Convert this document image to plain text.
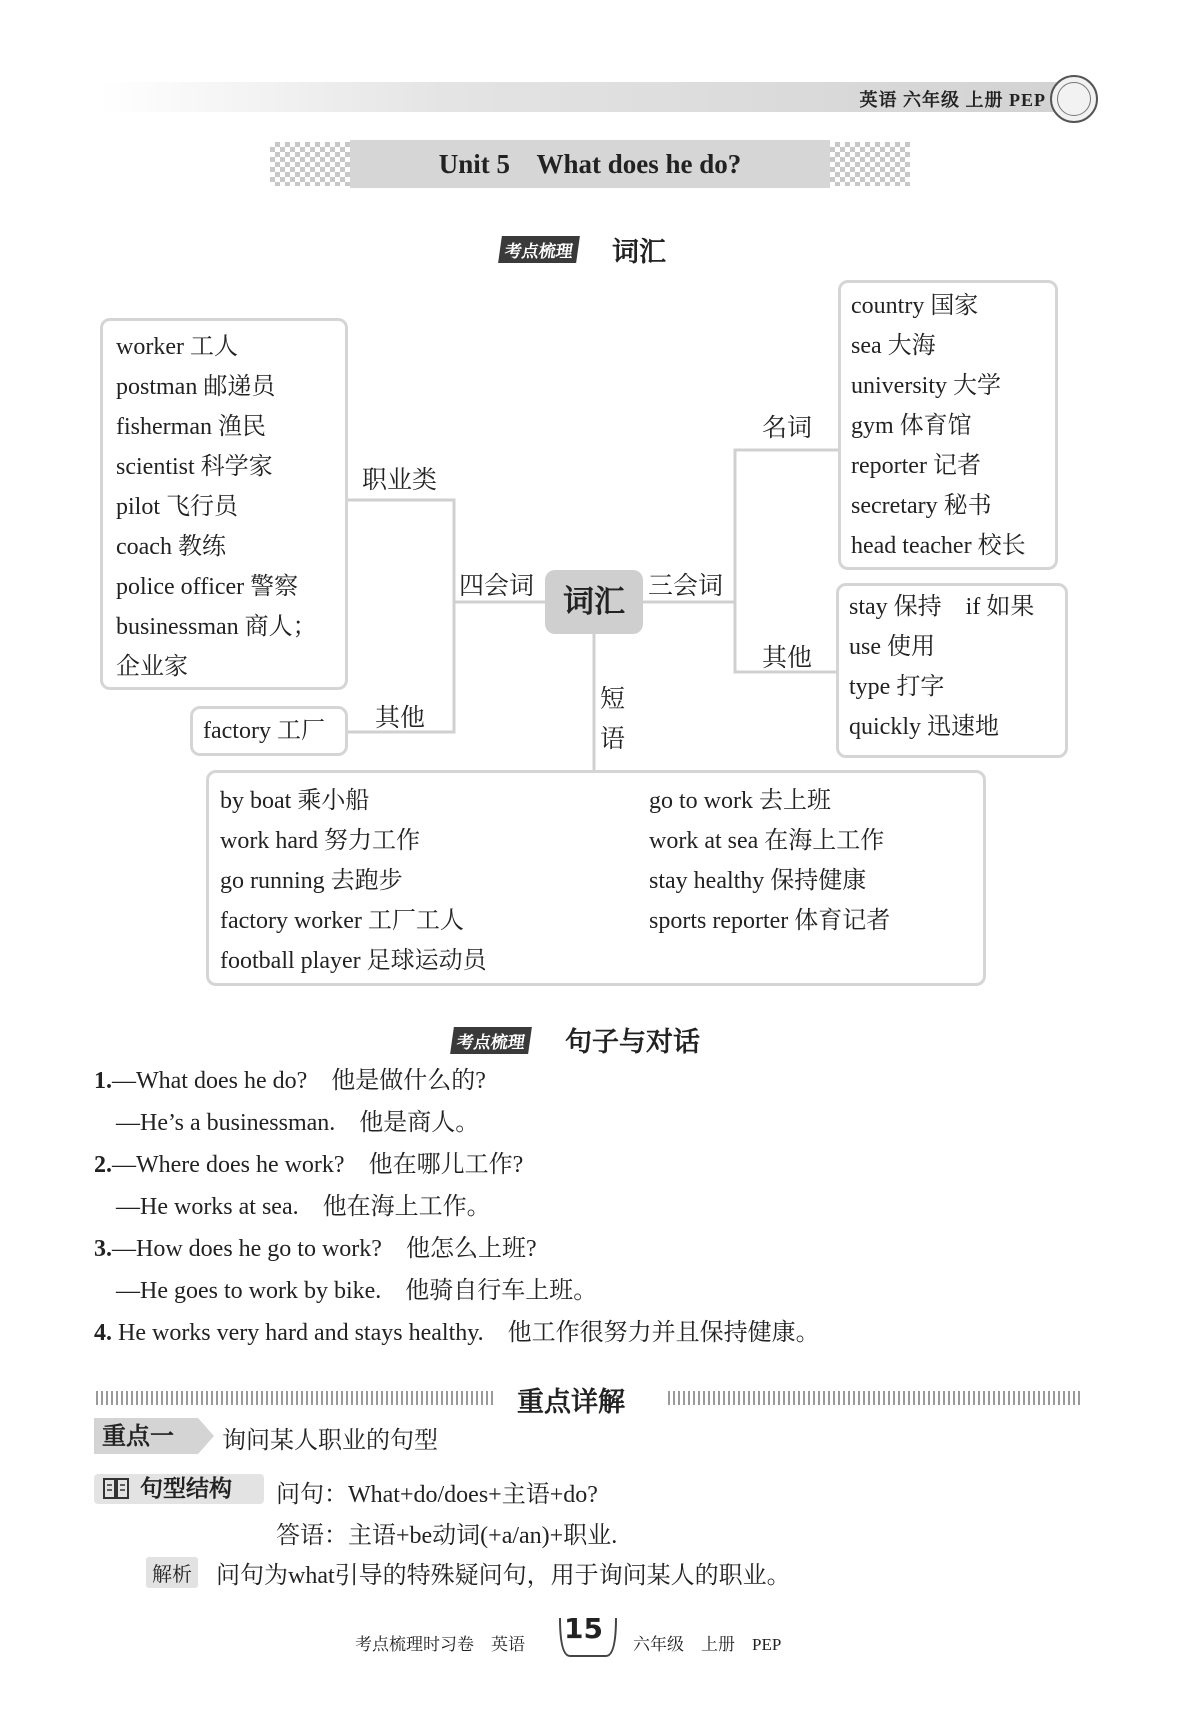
英语 六年级 上册 PEP
Unit 5    What does he do?
考点梳理 词汇
词汇
四会词	三会词
短
语
职业类
其他
名词
其他
worker 工人
postman 邮递员
fisherman 渔民
scientist 科学家
pilot 飞行员
coach 教练
police officer 警察
businessman 商人；
企业家
factory 工厂
country 国家
sea 大海
university 大学
gym 体育馆
reporter 记者
secretary 秘书
head teacher 校长
stay 保持    if 如果
use 使用
type 打字
quickly 迅速地
by boat 乘小船
work hard 努力工作
go running 去跑步
factory worker 工厂工人
football player 足球运动员
go to work 去上班
work at sea 在海上工作
stay healthy 保持健康
sports reporter 体育记者
考点梳理 句子与对话
1.—What does he do?    他是做什么的?
—He’s a businessman.    他是商人。
2.—Where does he work?    他在哪儿工作?
—He works at sea.    他在海上工作。
3.—How does he go to work?    他怎么上班?
—He goes to work by bike.    他骑自行车上班。
4. He works very hard and stays healthy.    他工作很努力并且保持健康。
重点详解
重点一	询问某人职业的句型
句型结构 问句：What+do/does+主语+do?
答语：主语+be动词(+a/an)+职业.
解析 问句为what引导的特殊疑问句，用于询问某人的职业。
考点梳理时习卷    英语 15 六年级    上册    PEP
